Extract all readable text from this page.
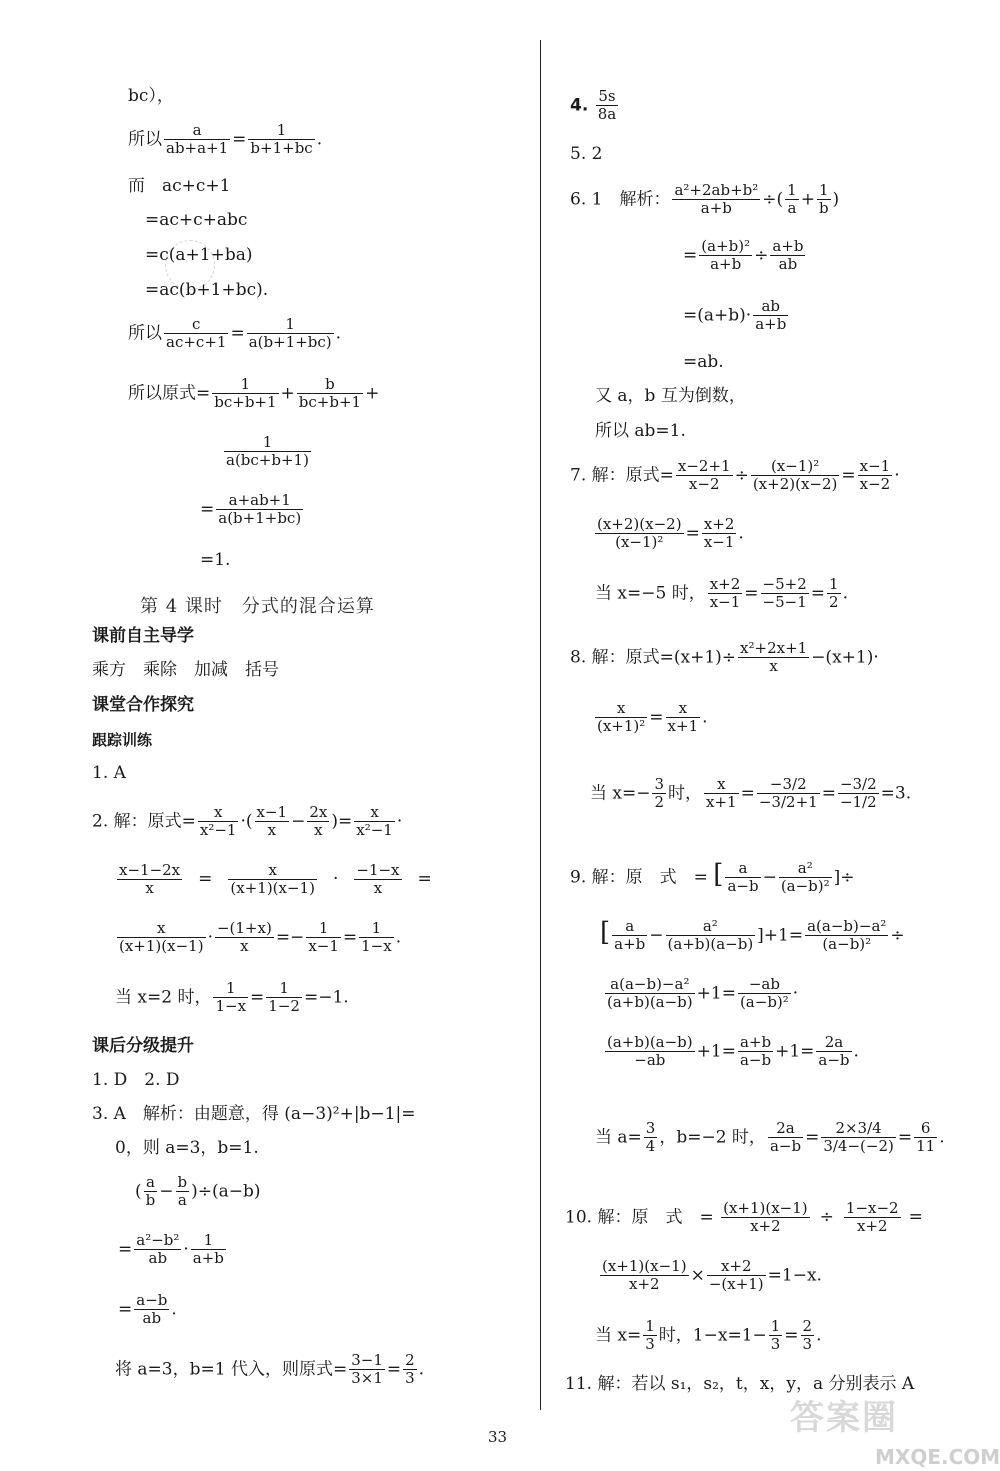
bc），
所以 $\frac{a}{ab+a+1} = \frac{1}{b+1+bc}$ .
而　ac+c+1
=ac+c+abc
=c(a+1+ba)
=ac(b+1+bc).
所以 $\frac{c}{ac+c+1} = \frac{1}{a(b+1+bc)}$ .
所以原式= $\frac{1}{bc+b+1} + \frac{b}{bc+b+1}$ +
$\frac{1}{a(bc+b+1)}$
= $\frac{a+ab+1}{a(b+1+bc)}$
=1.
第 4 课时　分式的混合运算
课前自主导学
乘方　乘除　加减　括号
课堂合作探究
跟踪训练
1. A
2. 解：原式= $\frac{x}{\text{x²−1}}$ ·( $\frac{x-1}{x} - \frac{2x}{x}$ )= $\frac{x}{\text{x²−1}}$ ·
$\frac{x-1-2x}{x} = \frac{x}{(x+1)(x-1)} \cdot \frac{-1-x}{x}$ =
$\frac{x}{(x+1)(x-1)} \cdot \frac{-(1+x)}{x} =- \frac{1}{x-1} = \frac{1}{1-x}$ .
当 x=2 时， $\frac{1}{1-x} = \frac{1}{1-2} =-1$.
课后分级提升
1. D　2. D
3. A　解析：由题意，得 (a−3)²+|b−1|=
0，则 a=3，b=1.
( $\frac{a}{b} - \frac{b}{a} )\div(a-b)$
= $\frac{\text{a²−b²}}{ab} \cdot \frac{1}{a+b}$
= $\frac{a-b}{ab}$ .
将 a=3，b=1 代入，则原式= $\frac{3-1}{3\times 1} = \frac{2}{3}$ .
4. $\frac{5s}{8a}$
5. 2
6. 1　解析： $\frac{\text{a²+2ab+b²}}{a+b}$ ÷( $\frac{1}{a} + \frac{1}{b}$ )
= $\frac{\text{(a+b)²}}{a+b} \div \frac{a+b}{ab}$
$=(a+b)\cdot \frac{ab}{a+b}$
=ab.
又 a，b 互为倒数，
所以 ab=1.
7. 解：原式= $\frac{x-2+1}{x-2} \div \frac{\text{(x−1)²}}{(x+2)(x-2)} = \frac{x-1}{x-2}$ ·
$\frac{(x+2)(x-2)}{\text{(x−1)²}} = \frac{x+2}{x-1}$ .
当 x=−5 时， $\frac{x+2}{x-1} = \frac{-5+2}{-5-1} = \frac{1}{2}$ .
8. 解：原式$=(x+1)\div \frac{\text{x²+2x+1}}{x} -(x+1)\cdot$
$\frac{x}{\text{(x+1)²}} = \frac{x}{x+1}$ .
当 $x=- \frac{3}{2}$ 时， $\frac{x}{x+1} = \frac{-3/2}{-3/2+1} = \frac{-3/2}{-1/2} =3$.
9. 解：原　式　= [ $\frac{a}{a-b} - \frac{\text{a²}}{\text{(a−b)²}}$ ]÷
[ $\frac{a}{a+b} - \frac{\text{a²}}{(a+b)(a-b)} ]+1= \frac{\text{a(a−b)−a²}}{\text{(a−b)²}}$ ÷
$\frac{\text{a(a−b)−a²}}{(a+b)(a-b)} +1= \frac{-ab}{\text{(a−b)²}}$ ·
$\frac{(a+b)(a-b)}{-ab} +1= \frac{a+b}{a-b} +1= \frac{2a}{a-b}$ .
当 $a= \frac{3}{4}$ ，b=−2 时， $\frac{2a}{a-b} = \frac{2\times 3/4}{3/4-(-2)} = \frac{6}{11}$ .
10. 解：原　式　= $\frac{(x+1)(x-1)}{x+2} \div \frac{1-x-2}{x+2}$ =
$\frac{(x+1)(x-1)}{x+2} \times \frac{x+2}{-(x+1)} =1-x$.
当 $x= \frac{1}{3}$ 时，$1-x=1- \frac{1}{3} = \frac{2}{3}$ .
11. 解：若以 s₁，s₂，t，x，y，a 分别表示 A
33	答案圈
MXQE.COM
